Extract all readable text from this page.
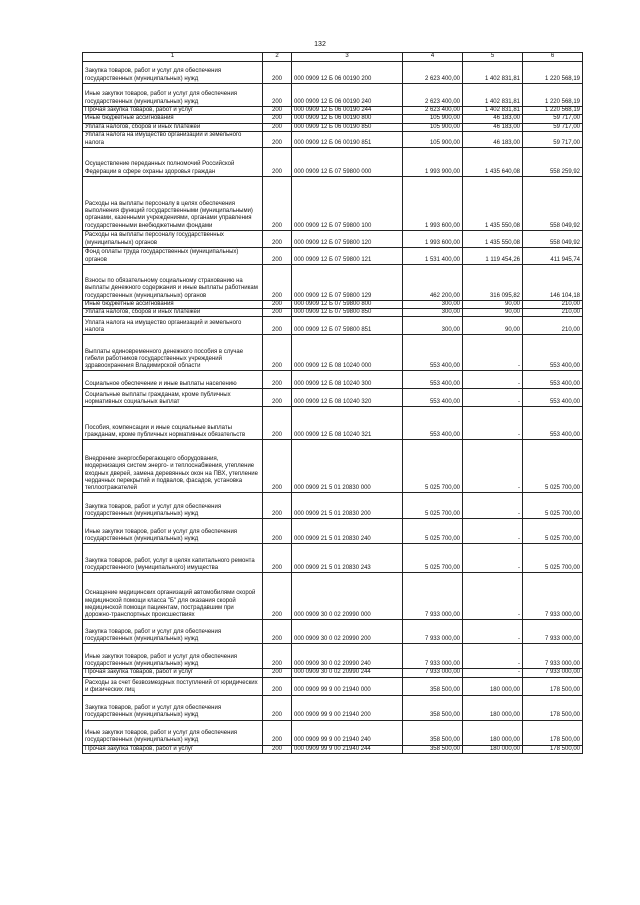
132
1	2	3	4	5	6
Закупка товаров, работ и услуг для обеспечения государственных (муниципальных) нужд	200	000 0909 12 Б 06 00190 200	2 623 400,00	1 402 831,81	1 220 568,19
Иные закупки товаров, работ и услуг для обеспечения государственных (муниципальных) нужд	200	000 0909 12 Б 06 00190 240	2 623 400,00	1 402 831,81	1 220 568,19
Прочая закупка товаров, работ и услуг	200	000 0909 12 Б 06 00190 244	2 623 400,00	1 402 831,81	1 220 568,19
Иные бюджетные ассигнования	200	000 0909 12 Б 06 00190 800	105 900,00	46 183,00	59 717,00
Уплата налогов, сборов и иных платежей	200	000 0909 12 Б 06 00190 850	105 900,00	46 183,00	59 717,00
Уплата налога на имущество организаций и земельного налога	200	000 0909 12 Б 06 00190 851	105 900,00	46 183,00	59 717,00
Осуществление переданных полномочий Российской Федерации в сфере охраны здоровья граждан	200	000 0909 12 Б 07 59800 000	1 993 900,00	1 435 640,08	558 259,92
Расходы на выплаты персоналу в целях обеспечения выполнения функций государственными (муниципальными) органами, казенными учреждениями, органами управления государственными внебюджетными фондами	200	000 0909 12 Б 07 59800 100	1 993 600,00	1 435 550,08	558 049,92
Расходы на выплаты персоналу государственных (муниципальных) органов	200	000 0909 12 Б 07 59800 120	1 993 600,00	1 435 550,08	558 049,92
Фонд оплаты труда государственных (муниципальных) органов	200	000 0909 12 Б 07 59800 121	1 531 400,00	1 119 454,26	411 945,74
Взносы по обязательному социальному страхованию на выплаты денежного содержания и иные выплаты работникам государственных (муниципальных) органов	200	000 0909 12 Б 07 59800 129	462 200,00	316 095,82	146 104,18
Иные бюджетные ассигнования	200	000 0909 12 Б 07 59800 800	300,00	90,00	210,00
Уплата налогов, сборов и иных платежей	200	000 0909 12 Б 07 59800 850	300,00	90,00	210,00
Уплата налога на имущество организаций и земельного налога	200	000 0909 12 Б 07 59800 851	300,00	90,00	210,00
Выплаты единовременного денежного пособия в случае гибели работников государственных учреждений здравоохранения Владимирской области	200	000 0909 12 Б 08 10240 000	553 400,00	-	553 400,00
Социальное обеспечение и иные выплаты населению	200	000 0909 12 Б 08 10240 300	553 400,00	-	553 400,00
Социальные выплаты гражданам, кроме публичных нормативных социальных выплат	200	000 0909 12 Б 08 10240 320	553 400,00	-	553 400,00
Пособия, компенсации и иные социальные выплаты гражданам, кроме публичных нормативных обязательств	200	000 0909 12 Б 08 10240 321	553 400,00	-	553 400,00
Внедрение энергосберегающего оборудования, модернизация систем энерго- и теплоснабжения, утепление входных дверей, замена деревянных окон на ПВХ, утепление чердачных перекрытий и подвалов, фасадов, установка теплоотражателей	200	000 0909 21 5 01 20830 000	5 025 700,00	-	5 025 700,00
Закупка товаров, работ и услуг для обеспечения государственных (муниципальных) нужд	200	000 0909 21 5 01 20830 200	5 025 700,00	-	5 025 700,00
Иные закупки товаров, работ и услуг для обеспечения государственных (муниципальных) нужд	200	000 0909 21 5 01 20830 240	5 025 700,00	-	5 025 700,00
Закупка товаров, работ, услуг в целях капитального ремонта государственного (муниципального) имущества	200	000 0909 21 5 01 20830 243	5 025 700,00	-	5 025 700,00
Оснащение медицинских организаций автомобилями скорой медицинской помощи класса "Б" для оказания скорой медицинской помощи пациентам, пострадавшим при дорожно-транспортных происшествиях	200	000 0909 30 0 02 20990 000	7 933 000,00	-	7 933 000,00
Закупка товаров, работ и услуг для обеспечения государственных (муниципальных) нужд	200	000 0909 30 0 02 20990 200	7 933 000,00	-	7 933 000,00
Иные закупки товаров, работ и услуг для обеспечения государственных (муниципальных) нужд	200	000 0909 30 0 02 20990 240	7 933 000,00	-	7 933 000,00
Прочая закупка товаров, работ и услуг	200	000 0909 30 0 02 20990 244	7 933 000,00	-	7 933 000,00
Расходы за счет безвозмездных поступлений от юридических и физических лиц	200	000 0909 99 9 00 21940 000	358 500,00	180 000,00	178 500,00
Закупка товаров, работ и услуг для обеспечения государственных (муниципальных) нужд	200	000 0909 99 9 00 21940 200	358 500,00	180 000,00	178 500,00
Иные закупки товаров, работ и услуг для обеспечения государственных (муниципальных) нужд	200	000 0909 99 9 00 21940 240	358 500,00	180 000,00	178 500,00
Прочая закупка товаров, работ и услуг	200	000 0909 99 9 00 21940 244	358 500,00	180 000,00	178 500,00
